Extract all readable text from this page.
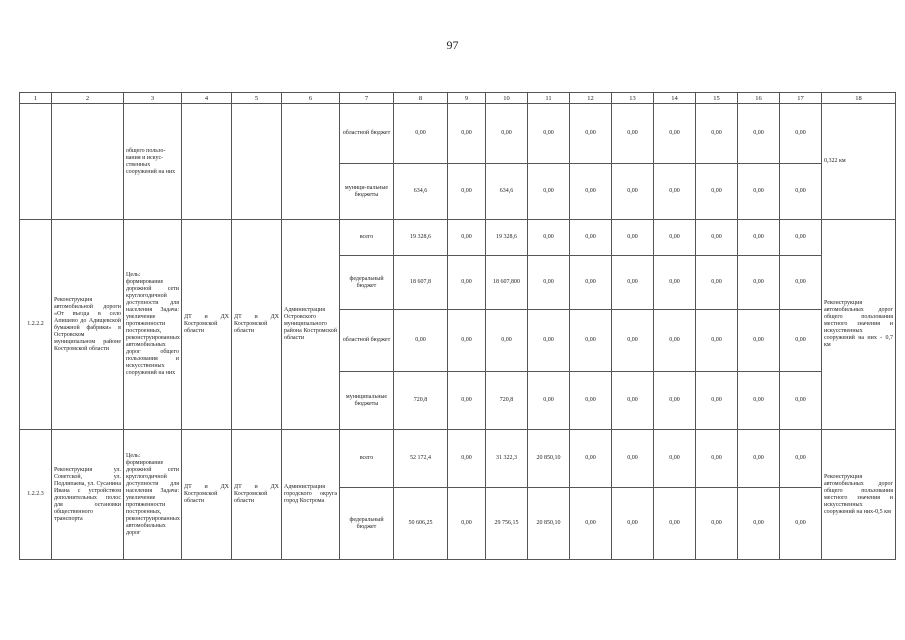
97
1	2	3	4	5	6	7	8	9	10	11	12	13	14	15	16	17	18
		общего пользо-вания и искус-ственных сооружений на них				областной бюджет	0,00	0,00	0,00	0,00	0,00	0,00	0,00	0,00	0,00	0,00	0,322 км
						муници-пальные бюджеты	634,6	0,00	634,6	0,00	0,00	0,00	0,00	0,00	0,00	0,00	
1.2.2.2	Реконструкция автомобильной дороги «От въезда в село Апишево до Адищевской бумажной фабрики» в Островском муниципальном районе Костромской области	Цель: формирование дорожной сети круглогодичной доступности для населения Задача: увеличение протяженности построенных, реконструированных автомобильных дорог общего пользования и искусственных сооружений на них	ДТ и ДХ Костромской области	ДТ и ДХ Костромской области	Администрация Островского муниципального района Костромской области	всего	19 328,6	0,00	19 328,6	0,00	0,00	0,00	0,00	0,00	0,00	0,00	Реконструкция автомобильных дорог общего пользования местного значения и искусственных сооружений на них - 0,7 км
						федеральный бюджет	18 607,8	0,00	18 607,800	0,00	0,00	0,00	0,00	0,00	0,00	0,00	
						областной бюджет	0,00	0,00	0,00	0,00	0,00	0,00	0,00	0,00	0,00	0,00	
						муниципальные бюджеты	720,8	0,00	720,8	0,00	0,00	0,00	0,00	0,00	0,00	0,00	
1.2.2.3	Реконструкция ул. Советской, ул. Подлипаева, ул. Сусанина Ивана с устройством дополнительных полос для остановки общественного транспорта	Цель: формирование дорожной сети круглогодичной доступности для населения Задача: увеличение протяженности построенных, реконструированных автомобильных дорог	ДТ и ДХ Костромской области	ДТ и ДХ Костромской области	Администрация городского округа город Кострома	всего	52 172,4	0,00	31 322,3	20 850,10	0,00	0,00	0,00	0,00	0,00	0,00	Реконструкция автомобильных дорог общего пользования местного значения и искусственных сооружений на них-0,5 км
						федеральный бюджет	50 606,25	0,00	29 756,15	20 850,10	0,00	0,00	0,00	0,00	0,00	0,00	
